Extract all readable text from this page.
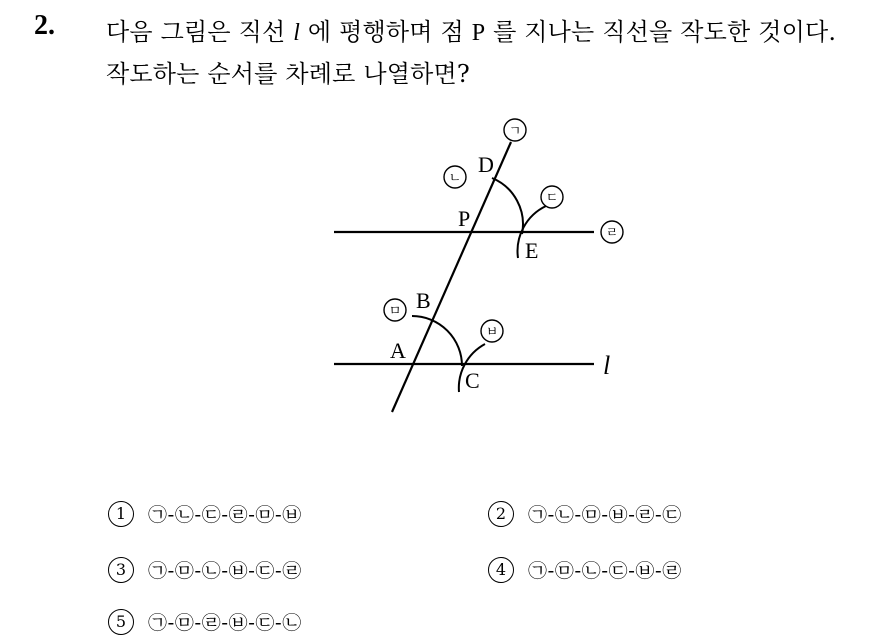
2. 다음 그림은 직선 l 에 평행하며 점 P 를 지나는 직선을 작도한 것이다.
작도하는 순서를 차례로 나열하면?
D
P
E
B
A
C
l
ㄱ
ㄴ
ㄷ
ㄹ
ㅁ
ㅂ
1 ㉠-㉡-㉢-㉣-㉤-㉥	2 ㉠-㉡-㉤-㉥-㉣-㉢
3 ㉠-㉤-㉡-㉥-㉢-㉣	4 ㉠-㉤-㉡-㉢-㉥-㉣
5 ㉠-㉤-㉣-㉥-㉢-㉡
